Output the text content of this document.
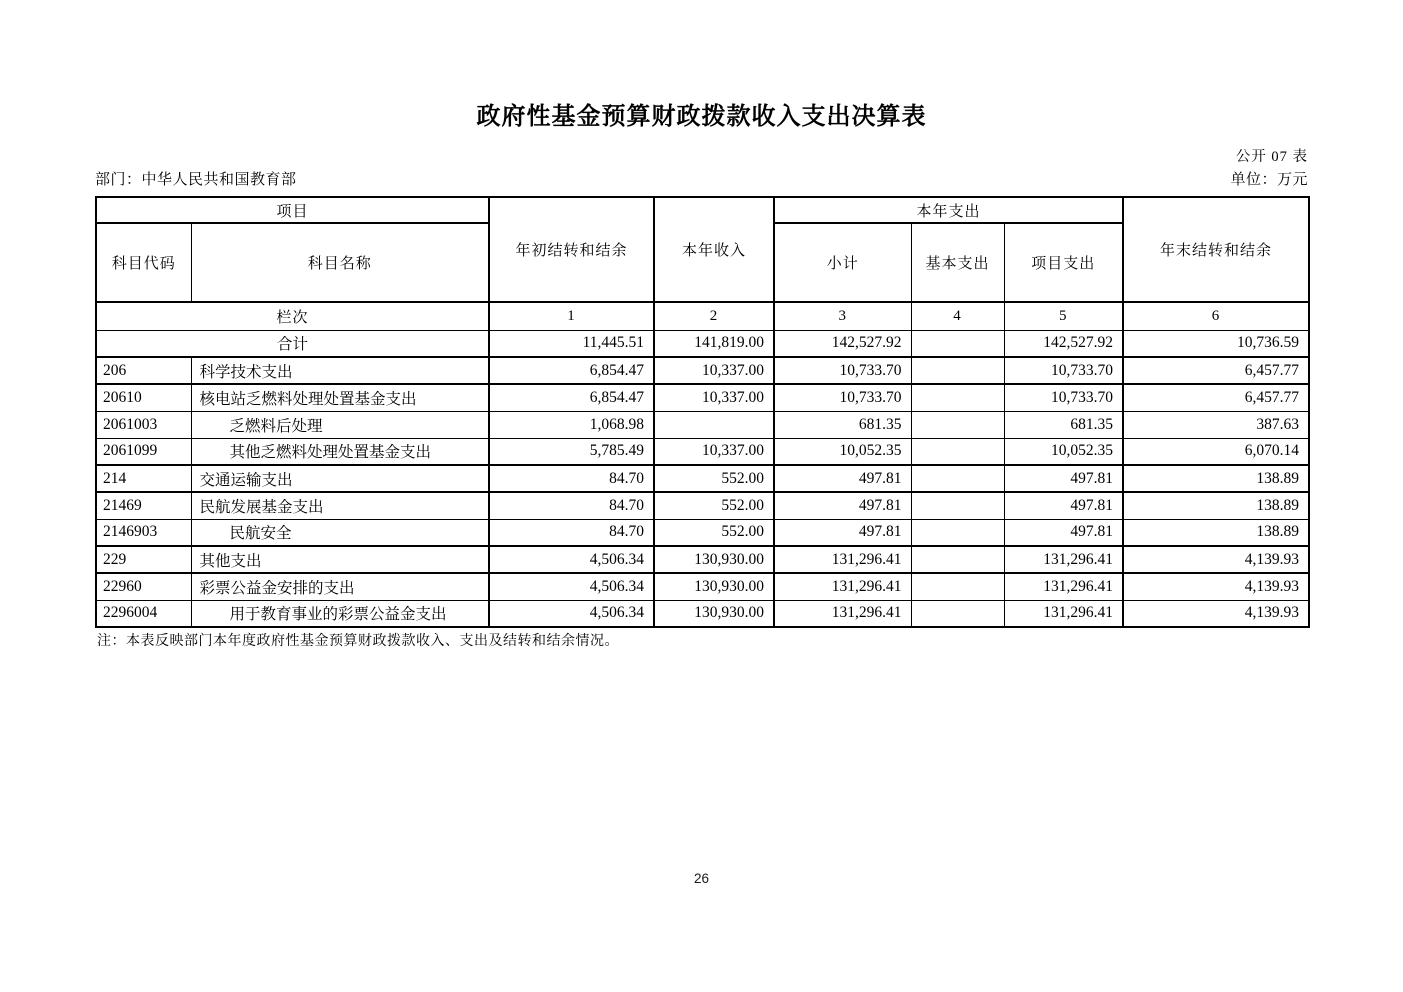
政府性基金预算财政拨款收入支出决算表
公开 07 表
部门：中华人民共和国教育部	单位：万元
项目		年初结转和结余	本年收入	本年支出			年末结转和结余
科目代码	科目名称			小计	基本支出	项目支出	
栏次		1	2	3	4	5	6
合计		11,445.51	141,819.00	142,527.92		142,527.92	10,736.59
206	科学技术支出	6,854.47	10,337.00	10,733.70		10,733.70	6,457.77
20610	核电站乏燃料处理处置基金支出	6,854.47	10,337.00	10,733.70		10,733.70	6,457.77
2061003	乏燃料后处理	1,068.98		681.35		681.35	387.63
2061099	其他乏燃料处理处置基金支出	5,785.49	10,337.00	10,052.35		10,052.35	6,070.14
214	交通运输支出	84.70	552.00	497.81		497.81	138.89
21469	民航发展基金支出	84.70	552.00	497.81		497.81	138.89
2146903	民航安全	84.70	552.00	497.81		497.81	138.89
229	其他支出	4,506.34	130,930.00	131,296.41		131,296.41	4,139.93
22960	彩票公益金安排的支出	4,506.34	130,930.00	131,296.41		131,296.41	4,139.93
2296004	用于教育事业的彩票公益金支出	4,506.34	130,930.00	131,296.41		131,296.41	4,139.93
注：本表反映部门本年度政府性基金预算财政拨款收入、支出及结转和结余情况。
26
